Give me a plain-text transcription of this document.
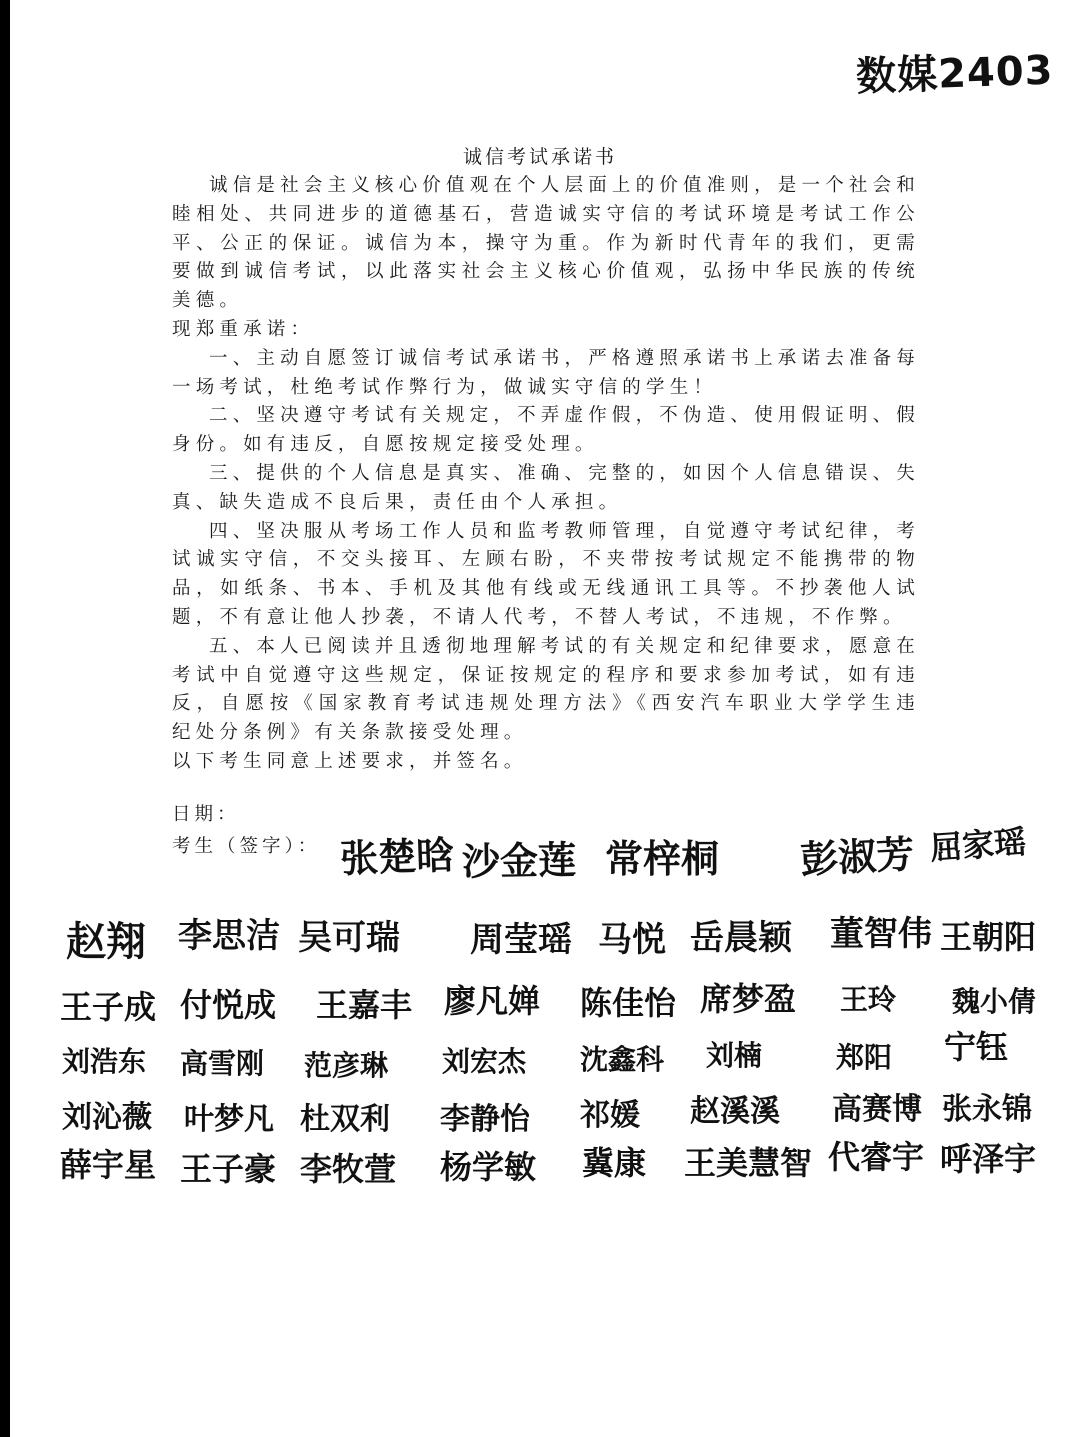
数媒2403
诚信考试承诺书

诚信是社会主义核心价值观在个人层面上的价值准则，是一个社会和睦相处、共同进步的道德基石，营造诚实守信的考试环境是考试工作公平、公正的保证。诚信为本，操守为重。作为新时代青年的我们，更需要做到诚信考试，以此落实社会主义核心价值观，弘扬中华民族的传统美德。

现郑重承诺：

一、主动自愿签订诚信考试承诺书，严格遵照承诺书上承诺去准备每一场考试，杜绝考试作弊行为，做诚实守信的学生！

二、坚决遵守考试有关规定，不弄虚作假，不伪造、使用假证明、假身份。如有违反，自愿按规定接受处理。

三、提供的个人信息是真实、准确、完整的，如因个人信息错误、失真、缺失造成不良后果，责任由个人承担。

四、坚决服从考场工作人员和监考教师管理，自觉遵守考试纪律，考试诚实守信，不交头接耳、左顾右盼，不夹带按考试规定不能携带的物品，如纸条、书本、手机及其他有线或无线通讯工具等。不抄袭他人试题，不有意让他人抄袭，不请人代考，不替人考试，不违规，不作弊。

五、本人已阅读并且透彻地理解考试的有关规定和纪律要求，愿意在考试中自觉遵守这些规定，保证按规定的程序和要求参加考试，如有违反，自愿按《国家教育考试违规处理方法》《西安汽车职业大学学生违纪处分条例》有关条款接受处理。

以下考生同意上述要求，并签名。

日期：
考生（签字）： 张楚晗 沙金莲 常梓桐 彭淑芳 屈家瑶
赵翔 李思洁 吴可瑞 周莹瑶 马悦 岳晨颖 董智伟 王朝阳
王子成 付悦成 王嘉丰 廖凡婵 陈佳怡 席梦盈 王玲 魏小倩
刘浩东 高雪刚 范彦琳 刘宏杰 沈鑫科 刘楠	郑阳 宁钰
刘沁薇 叶梦凡 杜双利 李静怡 祁媛 赵溪溪 高赛博 张永锦
薛宇星 王子豪 李牧萱 杨学敏 冀康 王美慧智 代睿宇 呼泽宇
